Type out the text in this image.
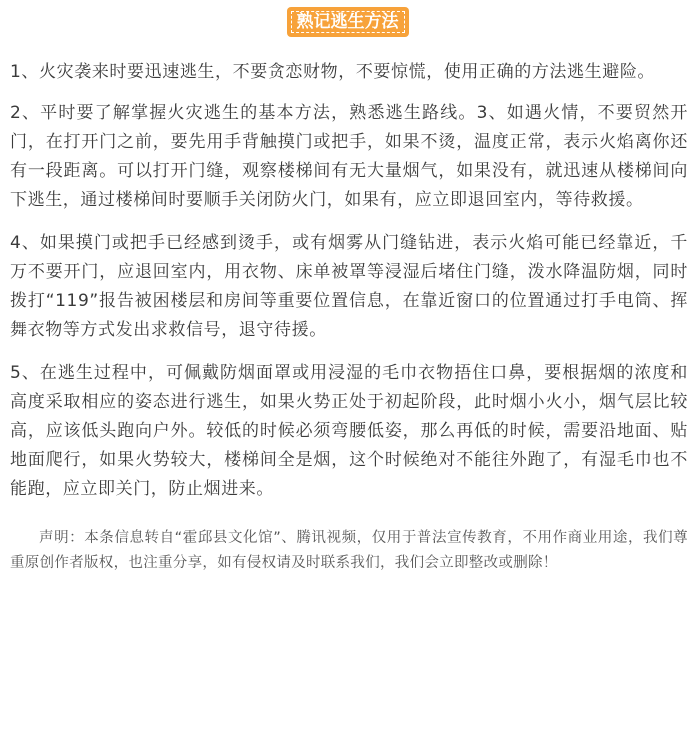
熟记逃生方法

1、火灾袭来时要迅速逃生，不要贪恋财物，不要惊慌，使用正确的方法逃生避险。

2、平时要了解掌握火灾逃生的基本方法，熟悉逃生路线。3、如遇火情，不要贸然开门，在打开门之前，要先用手背触摸门或把手，如果不烫，温度正常，表示火焰离你还有一段距离。可以打开门缝，观察楼梯间有无大量烟气，如果没有，就迅速从楼梯间向下逃生，通过楼梯间时要顺手关闭防火门，如果有，应立即退回室内，等待救援。

4、如果摸门或把手已经感到烫手，或有烟雾从门缝钻进，表示火焰可能已经靠近，千万不要开门，应退回室内，用衣物、床单被罩等浸湿后堵住门缝，泼水降温防烟，同时拨打“119”报告被困楼层和房间等重要位置信息，在靠近窗口的位置通过打手电筒、挥舞衣物等方式发出求救信号，退守待援。

5、在逃生过程中，可佩戴防烟面罩或用浸湿的毛巾衣物捂住口鼻，要根据烟的浓度和高度采取相应的姿态进行逃生，如果火势正处于初起阶段，此时烟小火小，烟气层比较高，应该低头跑向户外。较低的时候必须弯腰低姿，那么再低的时候，需要沿地面、贴地面爬行，如果火势较大，楼梯间全是烟，这个时候绝对不能往外跑了，有湿毛巾也不能跑，应立即关门，防止烟进来。

声明：本条信息转自“霍邱县文化馆”、腾讯视频，仅用于普法宣传教育，不用作商业用途，我们尊重原创作者版权，也注重分享，如有侵权请及时联系我们，我们会立即整改或删除！
